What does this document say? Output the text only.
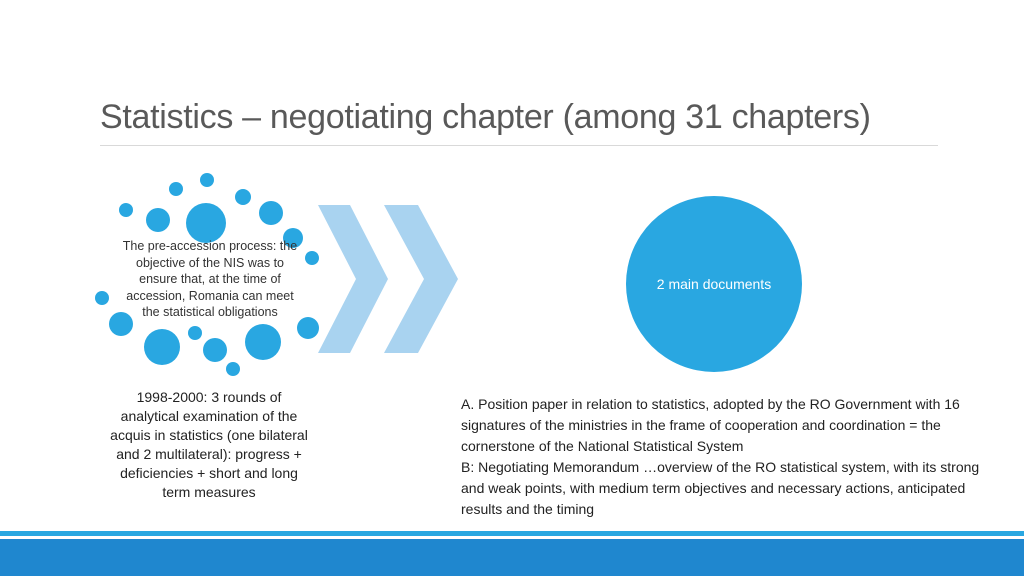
Statistics – negotiating chapter (among 31 chapters)
The pre-accession process: the objective of the NIS was to ensure that, at the time of accession, Romania can meet the statistical obligations
2 main documents
1998-2000: 3 rounds of analytical examination of the acquis in statistics (one bilateral and 2 multilateral): progress + deficiencies + short and long term measures

A. Position paper in relation to statistics, adopted by the RO Government with 16 signatures of the ministries in the frame of cooperation and coordination = the cornerstone of the National Statistical System

B: Negotiating Memorandum …overview of the RO statistical system, with its strong and weak points, with medium term objectives and necessary actions, anticipated results and the timing
